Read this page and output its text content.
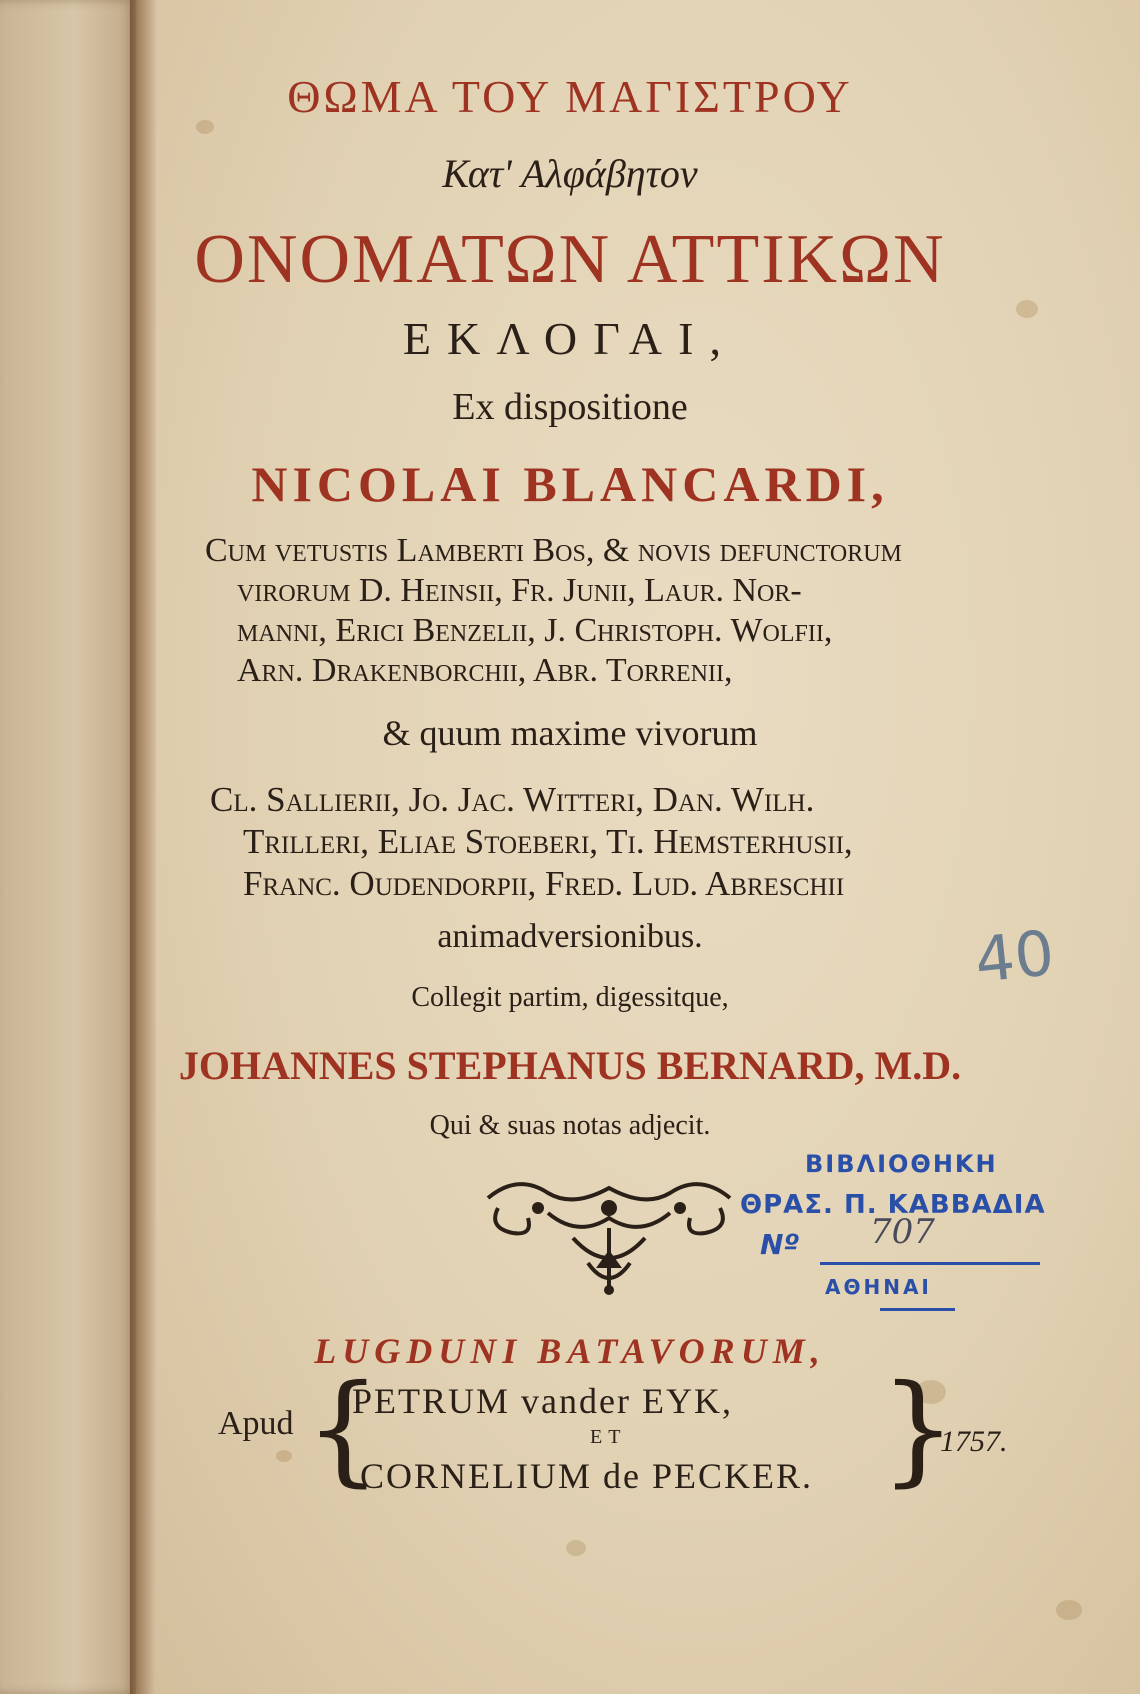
ΘΩΜΑ ΤΟΥ ΜΑΓΙΣΤΡΟΥ
Κατ' Αλφάβητον
ΟΝΟΜΑΤΩΝ ΑΤΤΙΚΩΝ
ΕΚΛΟΓΑΙ,
Ex dispositione
NICOLAI BLANCARDI,
Cum vetustis Lamberti Bos, & novis defunctorum
virorum D. Heinsii, Fr. Junii, Laur. Nor-
manni, Erici Benzelii, J. Christoph. Wolfii,
Arn. Drakenborchii, Abr. Torrenii,
& quum maxime vivorum
Cl. Sallierii, Jo. Jac. Witteri, Dan. Wilh.
Trilleri, Eliae Stoeberi, Ti. Hemsterhusii,
Franc. Oudendorpii, Fred. Lud. Abreschii
animadversionibus.
Collegit partim, digessitque,
JOHANNES STEPHANUS BERNARD, M.D.
Qui & suas notas adjecit.
ΒΙΒΛΙΟΘΗΚΗ
ΘΡΑΣ. Π. ΚΑΒΒΑΔΙΑ
Nº 707
ΑΘΗΝΑΙ
40
LUGDUNI BATAVORUM,
Apud {
PETRUM vander EYK,
ET
CORNELIUM de PECKER. }
1757.
